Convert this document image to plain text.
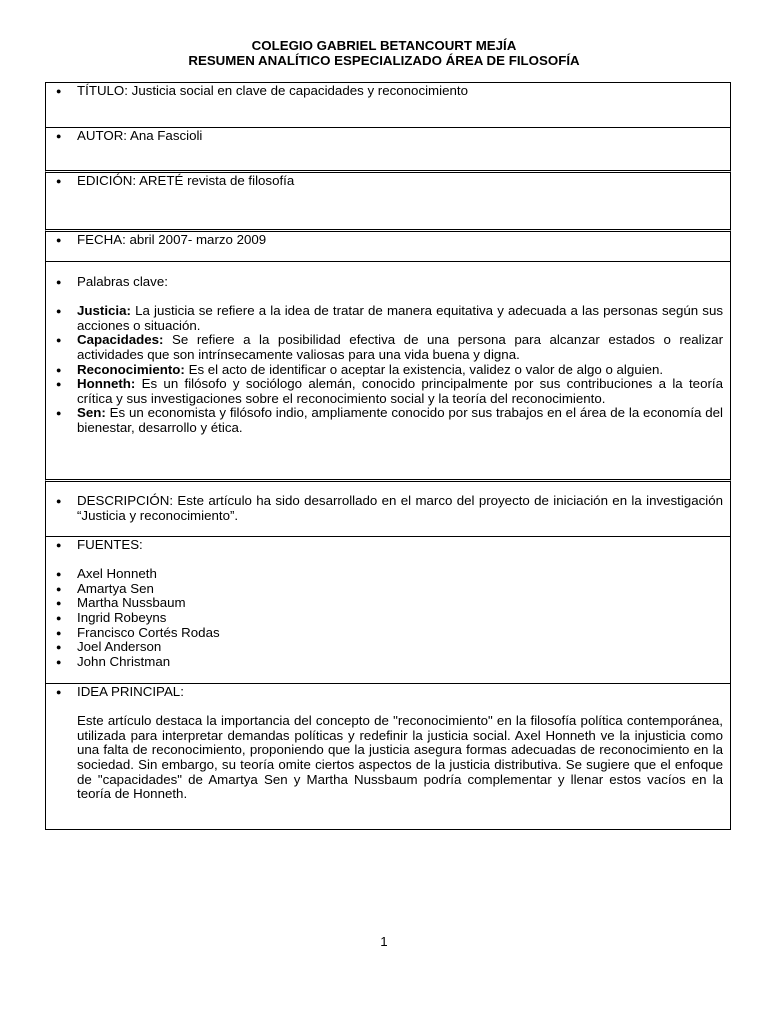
COLEGIO GABRIEL BETANCOURT MEJÍA
RESUMEN ANALÍTICO ESPECIALIZADO ÁREA DE FILOSOFÍA
● TÍTULO: Justicia social en clave de capacidades y reconocimiento
● AUTOR: Ana Fascioli
● EDICIÓN: ARETÉ revista de filosofía
● FECHA: abril 2007- marzo 2009
● Palabras clave:
● Justicia: La justicia se refiere a la idea de tratar de manera equitativa y adecuada a las personas según sus acciones o situación.
● Capacidades: Se refiere a la posibilidad efectiva de una persona para alcanzar estados o realizar actividades que son intrínsecamente valiosas para una vida buena y digna.
● Reconocimiento: Es el acto de identificar o aceptar la existencia, validez o valor de algo o alguien.
● Honneth: Es un filósofo y sociólogo alemán, conocido principalmente por sus contribuciones a la teoría crítica y sus investigaciones sobre el reconocimiento social y la teoría del reconocimiento.
● Sen: Es un economista y filósofo indio, ampliamente conocido por sus trabajos en el área de la economía del bienestar, desarrollo y ética.
● DESCRIPCIÓN: Este artículo ha sido desarrollado en el marco del proyecto de iniciación en la investigación “Justicia y reconocimiento”.
● FUENTES:
● Axel Honneth
● Amartya Sen
● Martha Nussbaum
● Ingrid Robeyns
● Francisco Cortés Rodas
● Joel Anderson
● John Christman
● IDEA PRINCIPAL:
Este artículo destaca la importancia del concepto de "reconocimiento" en la filosofía política contemporánea, utilizada para interpretar demandas políticas y redefinir la justicia social. Axel Honneth ve la injusticia como una falta de reconocimiento, proponiendo que la justicia asegura formas adecuadas de reconocimiento en la sociedad. Sin embargo, su teoría omite ciertos aspectos de la justicia distributiva. Se sugiere que el enfoque de "capacidades" de Amartya Sen y Martha Nussbaum podría complementar y llenar estos vacíos en la teoría de Honneth.
1
